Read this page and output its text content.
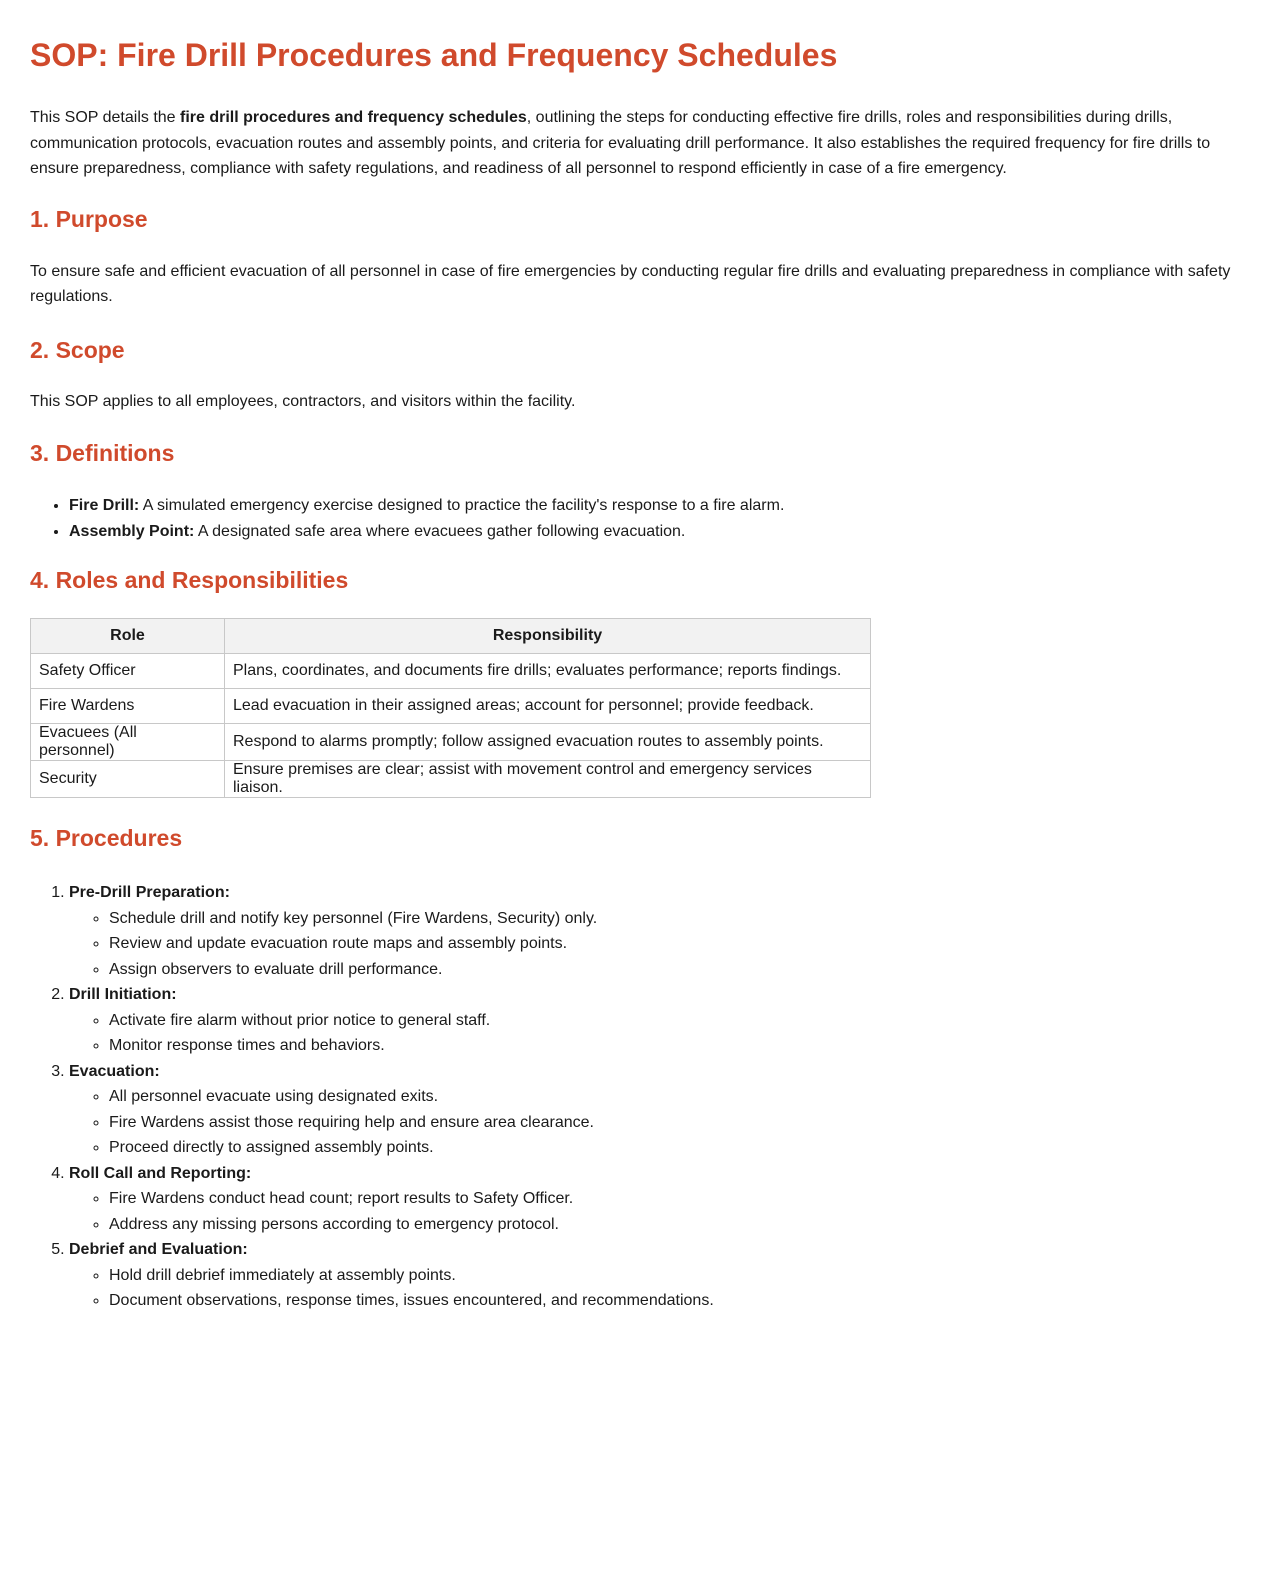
SOP: Fire Drill Procedures and Frequency Schedules

This SOP details the fire drill procedures and frequency schedules, outlining the steps for conducting effective fire drills, roles and responsibilities during drills, communication protocols, evacuation routes and assembly points, and criteria for evaluating drill performance. It also establishes the required frequency for fire drills to ensure preparedness, compliance with safety regulations, and readiness of all personnel to respond efficiently in case of a fire emergency.

1. Purpose

To ensure safe and efficient evacuation of all personnel in case of fire emergencies by conducting regular fire drills and evaluating preparedness in compliance with safety regulations.

2. Scope

This SOP applies to all employees, contractors, and visitors within the facility.

3. Definitions
• Fire Drill: A simulated emergency exercise designed to practice the facility's response to a fire alarm.
• Assembly Point: A designated safe area where evacuees gather following evacuation.
4. Roles and Responsibilities
Role	Responsibility
Safety Officer	Plans, coordinates, and documents fire drills; evaluates performance; reports findings.
Fire Wardens	Lead evacuation in their assigned areas; account for personnel; provide feedback.
Evacuees (All personnel)	Respond to alarms promptly; follow assigned evacuation routes to assembly points.
Security	Ensure premises are clear; assist with movement control and emergency services liaison.
5. Procedures
1. Pre-Drill Preparation:
◦ Schedule drill and notify key personnel (Fire Wardens, Security) only.
◦ Review and update evacuation route maps and assembly points.
◦ Assign observers to evaluate drill performance.
2. Drill Initiation:
◦ Activate fire alarm without prior notice to general staff.
◦ Monitor response times and behaviors.
3. Evacuation:
◦ All personnel evacuate using designated exits.
◦ Fire Wardens assist those requiring help and ensure area clearance.
◦ Proceed directly to assigned assembly points.
4. Roll Call and Reporting:
◦ Fire Wardens conduct head count; report results to Safety Officer.
◦ Address any missing persons according to emergency protocol.
5. Debrief and Evaluation:
◦ Hold drill debrief immediately at assembly points.
◦ Document observations, response times, issues encountered, and recommendations.
